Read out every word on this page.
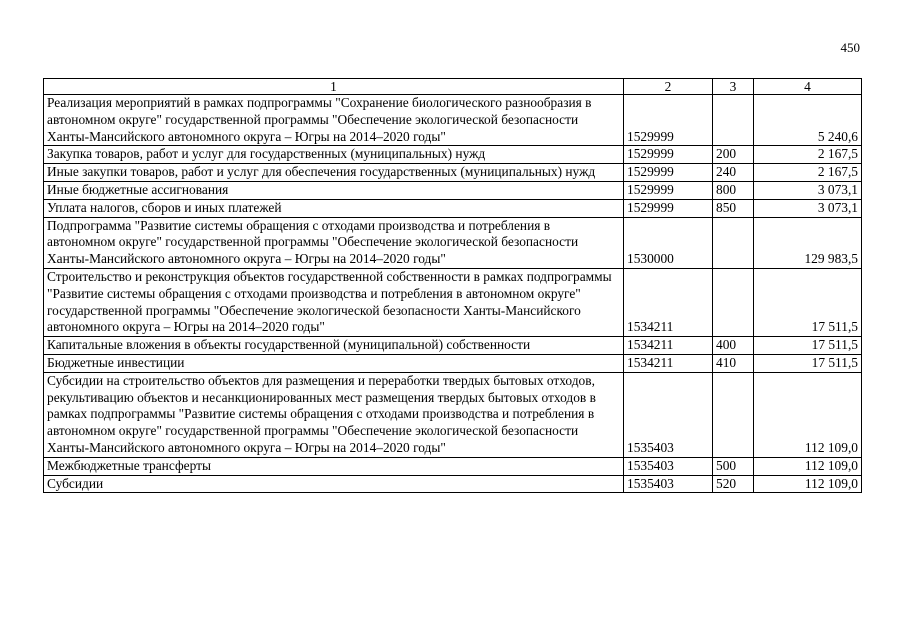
450
1	2	3	4
Реализация мероприятий в рамках подпрограммы "Сохранение биологического разнообразия в автономном округе" государственной программы "Обеспечение экологической безопасности Ханты-Мансийского автономного округа – Югры на 2014–2020 годы"	1529999		5 240,6
Закупка товаров, работ и услуг для государственных (муниципальных) нужд	1529999	200	2 167,5
Иные закупки товаров, работ и услуг для обеспечения государственных (муниципальных) нужд	1529999	240	2 167,5
Иные бюджетные ассигнования	1529999	800	3 073,1
Уплата налогов, сборов и иных платежей	1529999	850	3 073,1
Подпрограмма "Развитие системы обращения с отходами производства и потребления в автономном округе" государственной программы "Обеспечение экологической безопасности Ханты-Мансийского автономного округа – Югры на 2014–2020 годы"	1530000		129 983,5
Строительство и реконструкция объектов государственной собственности в рамках подпрограммы "Развитие системы обращения с отходами производства и потребления в автономном округе" государственной программы "Обеспечение экологической безопасности Ханты-Мансийского автономного округа – Югры на 2014–2020 годы"	1534211		17 511,5
Капитальные вложения в объекты государственной (муниципальной) собственности	1534211	400	17 511,5
Бюджетные инвестиции	1534211	410	17 511,5
Субсидии на строительство объектов для размещения и переработки твердых бытовых отходов, рекультивацию объектов и несанкционированных мест размещения твердых бытовых отходов в рамках подпрограммы "Развитие системы обращения с отходами производства и потребления в автономном округе" государственной программы "Обеспечение экологической безопасности Ханты-Мансийского автономного округа – Югры на 2014–2020 годы"	1535403		112 109,0
Межбюджетные трансферты	1535403	500	112 109,0
Субсидии	1535403	520	112 109,0
